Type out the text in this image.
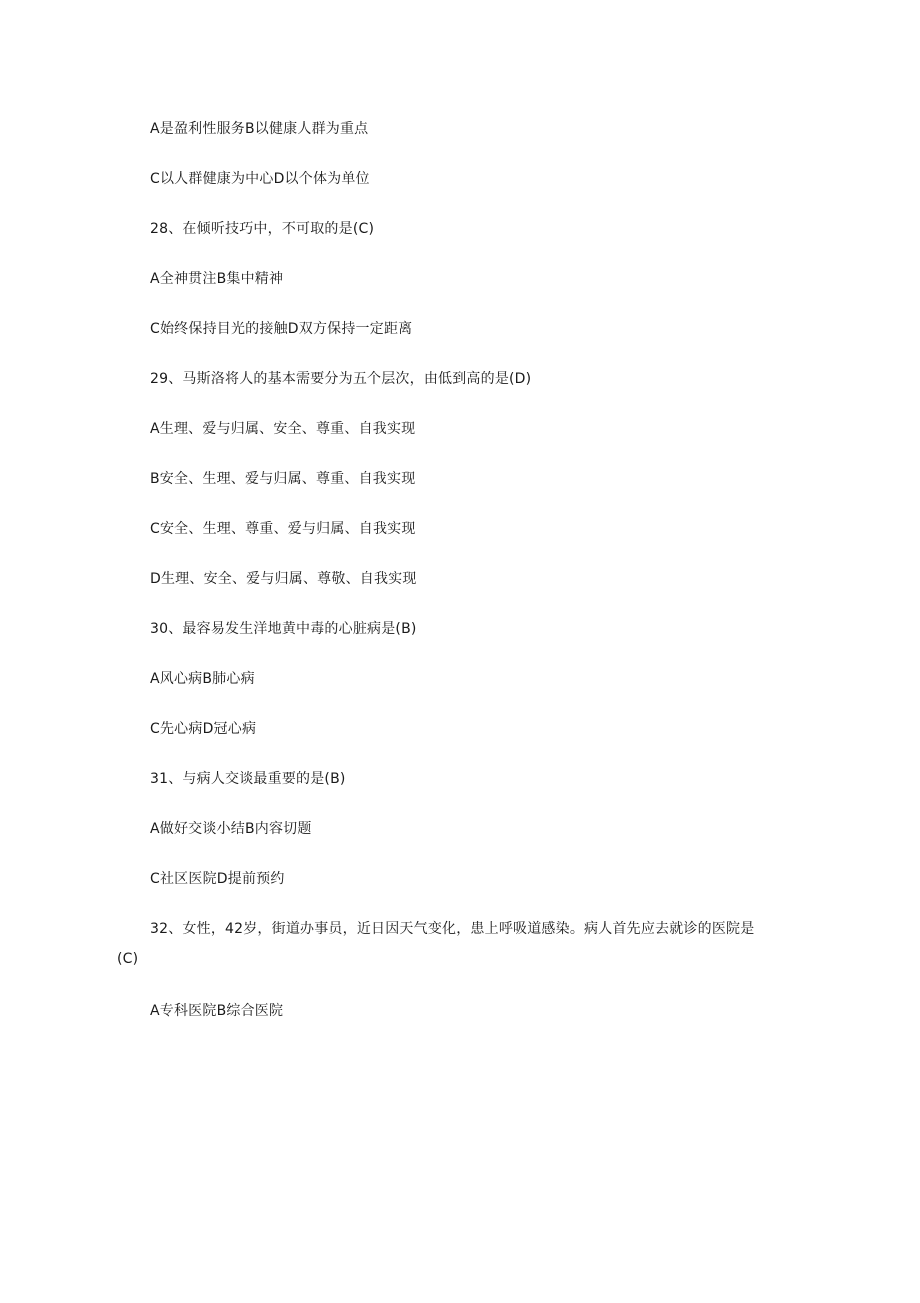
A是盈利性服务B以健康人群为重点
C以人群健康为中心D以个体为单位
28、在倾听技巧中，不可取的是(C)
A全神贯注B集中精神
C始终保持目光的接触D双方保持一定距离
29、马斯洛将人的基本需要分为五个层次，由低到高的是(D)
A生理、爱与归属、安全、尊重、自我实现
B安全、生理、爱与归属、尊重、自我实现
C安全、生理、尊重、爱与归属、自我实现
D生理、安全、爱与归属、尊敬、自我实现
30、最容易发生洋地黄中毒的心脏病是(B)
A风心病B肺心病
C先心病D冠心病
31、与病人交谈最重要的是(B)
A做好交谈小结B内容切题
C社区医院D提前预约
32、女性，42岁，街道办事员，近日因天气变化，患上呼吸道感染。病人首先应去就诊的医院是(C)
A专科医院B综合医院
